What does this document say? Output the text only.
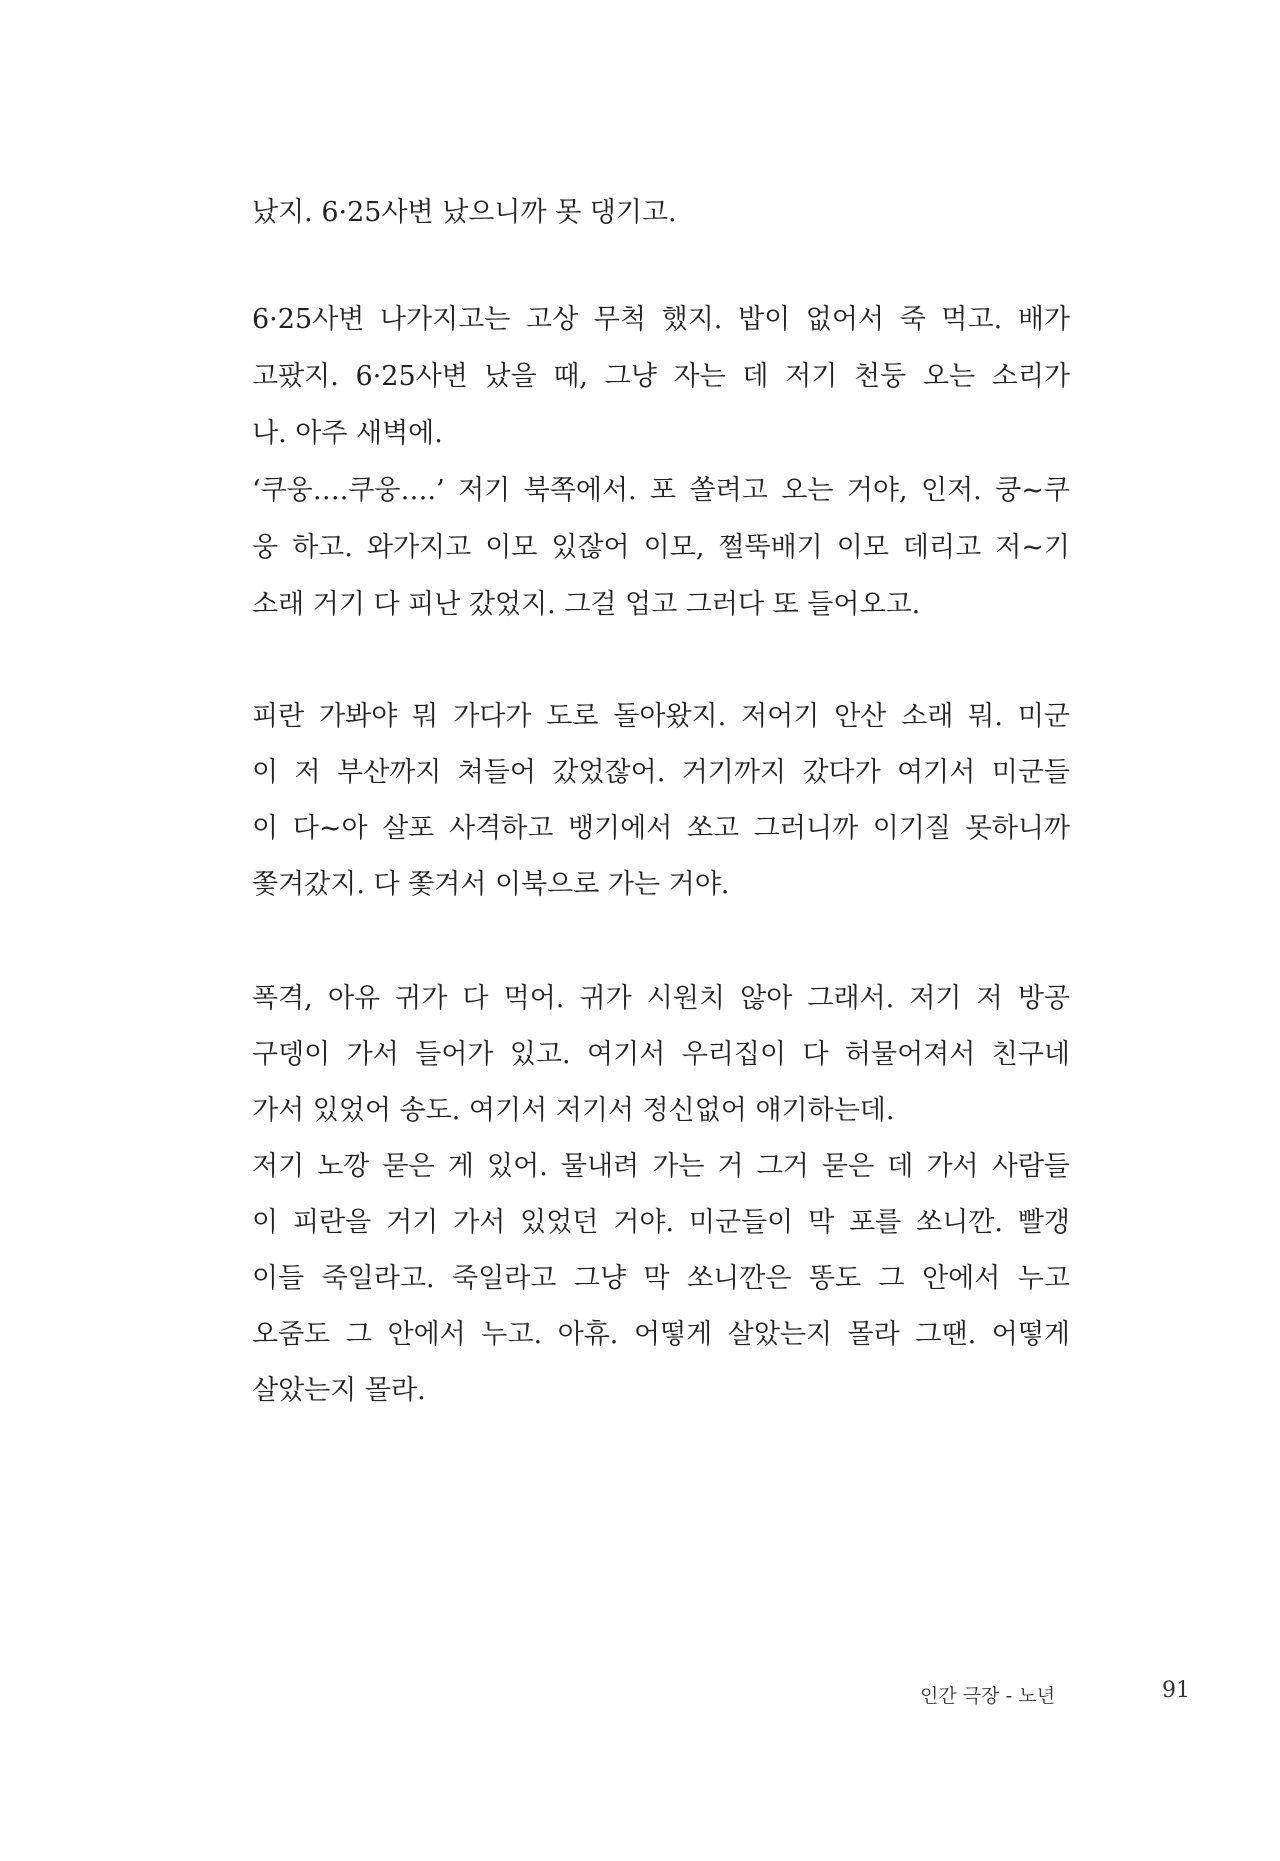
났지. 6·25사변 났으니까 못 댕기고.
6·25사변 나가지고는 고상 무척 했지. 밥이 없어서 죽 먹고. 배가
고팠지. 6·25사변 났을 때, 그냥 자는 데 저기 천둥 오는 소리가
나. 아주 새벽에.
‘쿠웅….쿠웅….’ 저기 북쪽에서. 포 쏠려고 오는 거야, 인저. 쿵~쿠
웅 하고. 와가지고 이모 있잖어 이모, 쩔뚝배기 이모 데리고 저~기
소래 거기 다 피난 갔었지. 그걸 업고 그러다 또 들어오고.
피란 가봐야 뭐 가다가 도로 돌아왔지. 저어기 안산 소래 뭐. 미군
이 저 부산까지 쳐들어 갔었잖어. 거기까지 갔다가 여기서 미군들
이 다~아 살포 사격하고 뱅기에서 쏘고 그러니까 이기질 못하니까
쫓겨갔지. 다 쫓겨서 이북으로 가는 거야.
폭격, 아유 귀가 다 먹어. 귀가 시원치 않아 그래서. 저기 저 방공
구뎅이 가서 들어가 있고. 여기서 우리집이 다 허물어져서 친구네
가서 있었어 송도. 여기서 저기서 정신없어 얘기하는데.
저기 노깡 묻은 게 있어. 물내려 가는 거 그거 묻은 데 가서 사람들
이 피란을 거기 가서 있었던 거야. 미군들이 막 포를 쏘니깐. 빨갱
이들 죽일라고. 죽일라고 그냥 막 쏘니깐은 똥도 그 안에서 누고
오줌도 그 안에서 누고. 아휴. 어떻게 살았는지 몰라 그땐. 어떻게
살았는지 몰라.
인간 극장 - 노년	91
